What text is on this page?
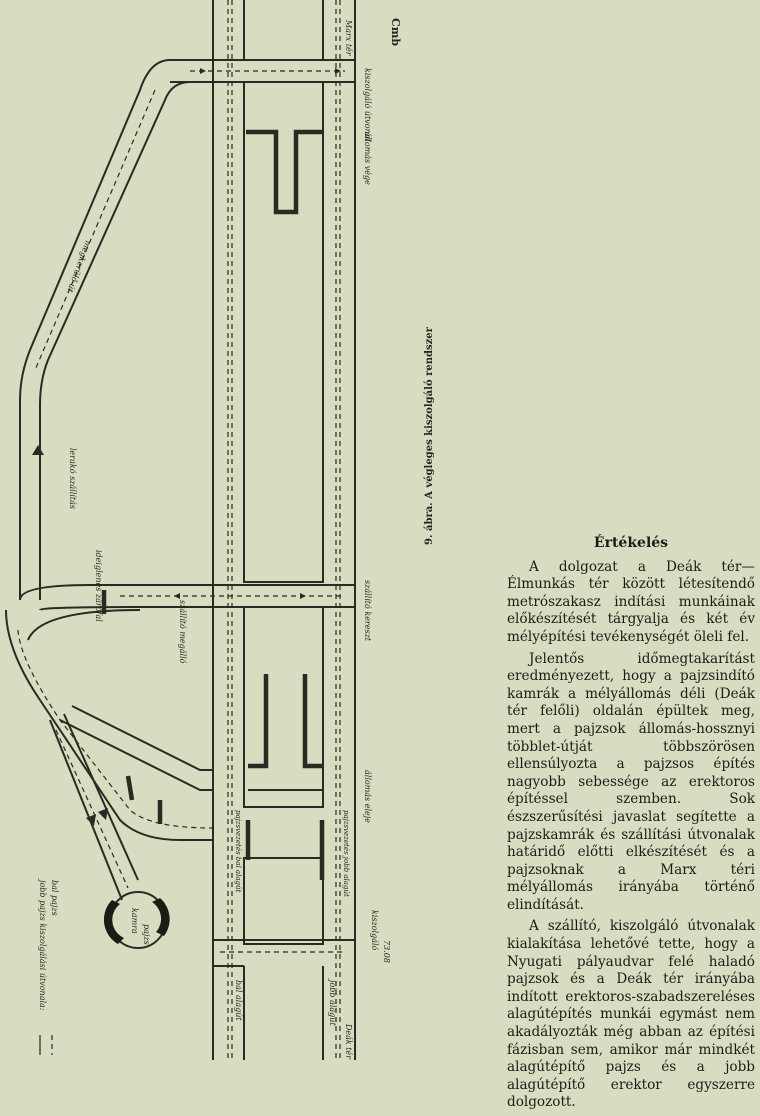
Cmb
pajzs
kamra
Marx tér
kiszolgáló útvonal
állomás vége
megkerülő út
lerakó szállítás
ideiglenes zárófal	szállító kereszt
szállító megálló
állomás eleje
pajzsvezetés bal alagút	pajzsvezetés jobb alagút
73.08
kiszolgáló
bal alagút	jobb alagút
Deák tér
jobb pajzs kiszolgálási útvonala: bal pajzs
9. ábra. A végleges kiszolgáló rendszer	Értékelés

A dolgozat a Deák tér—Élmunkás tér között létesítendő metrószakasz indítási munkáinak előkészítését tárgyalja és két év mélyépítési tevékenységét öleli fel.

Jelentős időmegtakarítást eredményezett, hogy a pajzsindító kamrák a mélyállomás déli (Deák tér felőli) oldalán épültek meg, mert a pajzsok állomás-hossznyi többlet-útját többszörösen ellensúlyozta a pajzsos építés nagyobb sebessége az erektoros építéssel szemben. Sok észszerűsítési javaslat segítette a pajzskamrák és szállítási útvonalak határidő előtti elkészítését és a pajzsoknak a Marx téri mélyállomás irányába történő elindítását.

A szállító, kiszolgáló útvonalak kialakítása lehetővé tette, hogy a Nyugati pályaudvar felé haladó pajzsok és a Deák tér irányába indított erektoros-szabadszereléses alagútépítés munkái egymást nem akadályozták még abban az építési fázisban sem, amikor már mindkét alagútépítő pajzs és a jobb alagútépítő erektor egyszerre dolgozott.
